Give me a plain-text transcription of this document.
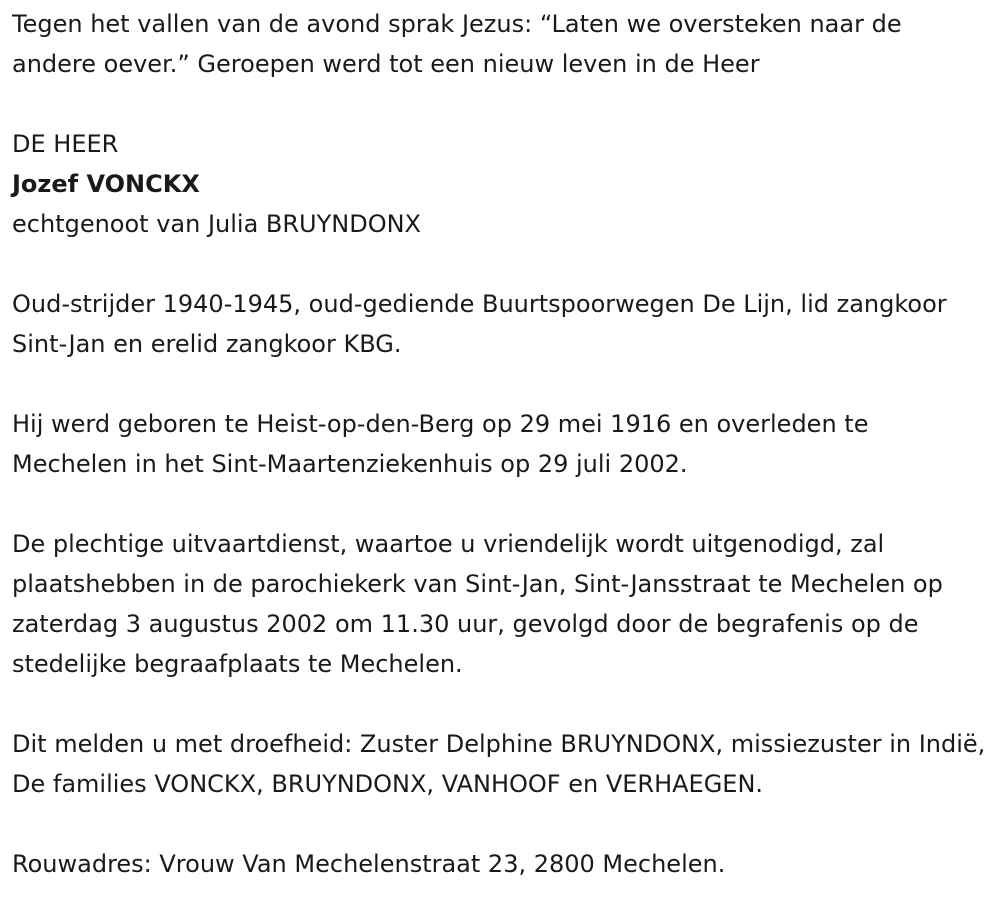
Tegen het vallen van de avond sprak Jezus: “Laten we oversteken naar de andere oever.” Geroepen werd tot een nieuw leven in de Heer

DE HEER

Jozef VONCKX

echtgenoot van Julia BRUYNDONX

Oud-strijder 1940-1945, oud-gediende Buurtspoorwegen De Lijn, lid zangkoor Sint-Jan en erelid zangkoor KBG.

Hij werd geboren te Heist-op-den-Berg op 29 mei 1916 en overleden te Mechelen in het Sint-Maartenziekenhuis op 29 juli 2002.

De plechtige uitvaartdienst, waartoe u vriendelijk wordt uitgenodigd, zal plaatshebben in de parochiekerk van Sint-Jan, Sint-Jansstraat te Mechelen op zaterdag 3 augustus 2002 om 11.30 uur, gevolgd door de begrafenis op de stedelijke begraafplaats te Mechelen.

Dit melden u met droefheid: Zuster Delphine BRUYNDONX, missiezuster in Indië, De families VONCKX, BRUYNDONX, VANHOOF en VERHAEGEN.

Rouwadres: Vrouw Van Mechelenstraat 23, 2800 Mechelen.
